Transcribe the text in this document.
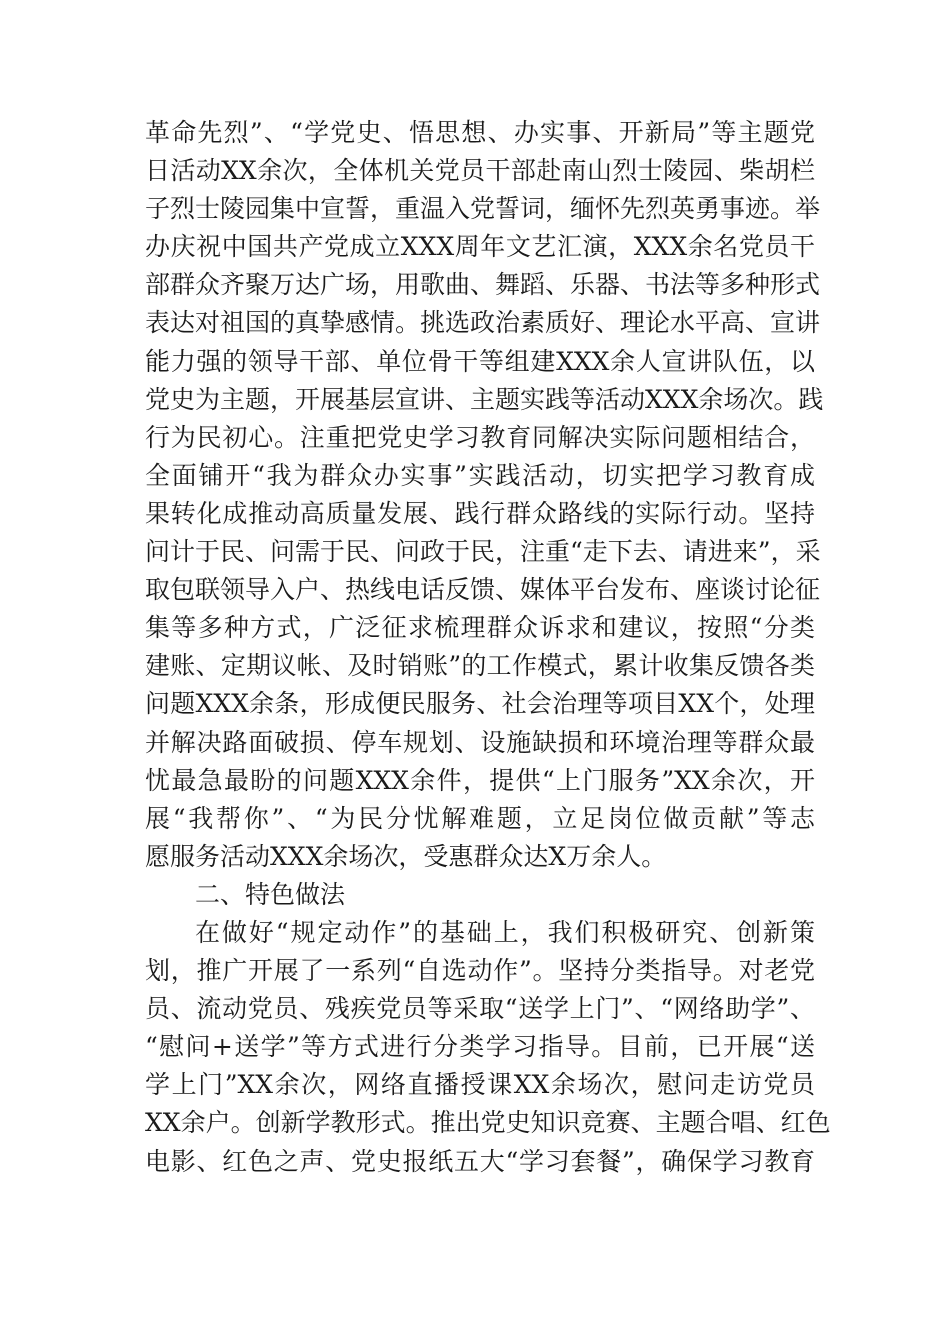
革命先烈”、“学党史、悟思想、办实事、开新局”等主题党
日活动XX余次，全体机关党员干部赴南山烈士陵园、柴胡栏
子烈士陵园集中宣誓，重温入党誓词，缅怀先烈英勇事迹。举
办庆祝中国共产党成立XXX周年文艺汇演，XXX余名党员干
部群众齐聚万达广场，用歌曲、舞蹈、乐器、书法等多种形式
表达对祖国的真挚感情。挑选政治素质好、理论水平高、宣讲
能力强的领导干部、单位骨干等组建XXX余人宣讲队伍，以
党史为主题，开展基层宣讲、主题实践等活动XXX余场次。践
行为民初心。注重把党史学习教育同解决实际问题相结合，
全面铺开“我为群众办实事”实践活动，切实把学习教育成
果转化成推动高质量发展、践行群众路线的实际行动。坚持
问计于民、问需于民、问政于民，注重“走下去、请进来”，采
取包联领导入户、热线电话反馈、媒体平台发布、座谈讨论征
集等多种方式，广泛征求梳理群众诉求和建议，按照“分类
建账、定期议帐、及时销账”的工作模式，累计收集反馈各类
问题XXX余条，形成便民服务、社会治理等项目XX个，处理
并解决路面破损、停车规划、设施缺损和环境治理等群众最
忧最急最盼的问题XXX余件，提供“上门服务”XX余次，开
展“我帮你”、“为民分忧解难题，立足岗位做贡献”等志
愿服务活动XXX余场次，受惠群众达X万余人。
二、特色做法
在做好“规定动作”的基础上，我们积极研究、创新策
划，推广开展了一系列“自选动作”。坚持分类指导。对老党
员、流动党员、残疾党员等采取“送学上门”、“网络助学”、
“慰问+送学”等方式进行分类学习指导。目前，已开展“送
学上门”XX余次，网络直播授课XX余场次，慰问走访党员
XX余户。创新学教形式。推出党史知识竞赛、主题合唱、红色
电影、红色之声、党史报纸五大“学习套餐”，确保学习教育
